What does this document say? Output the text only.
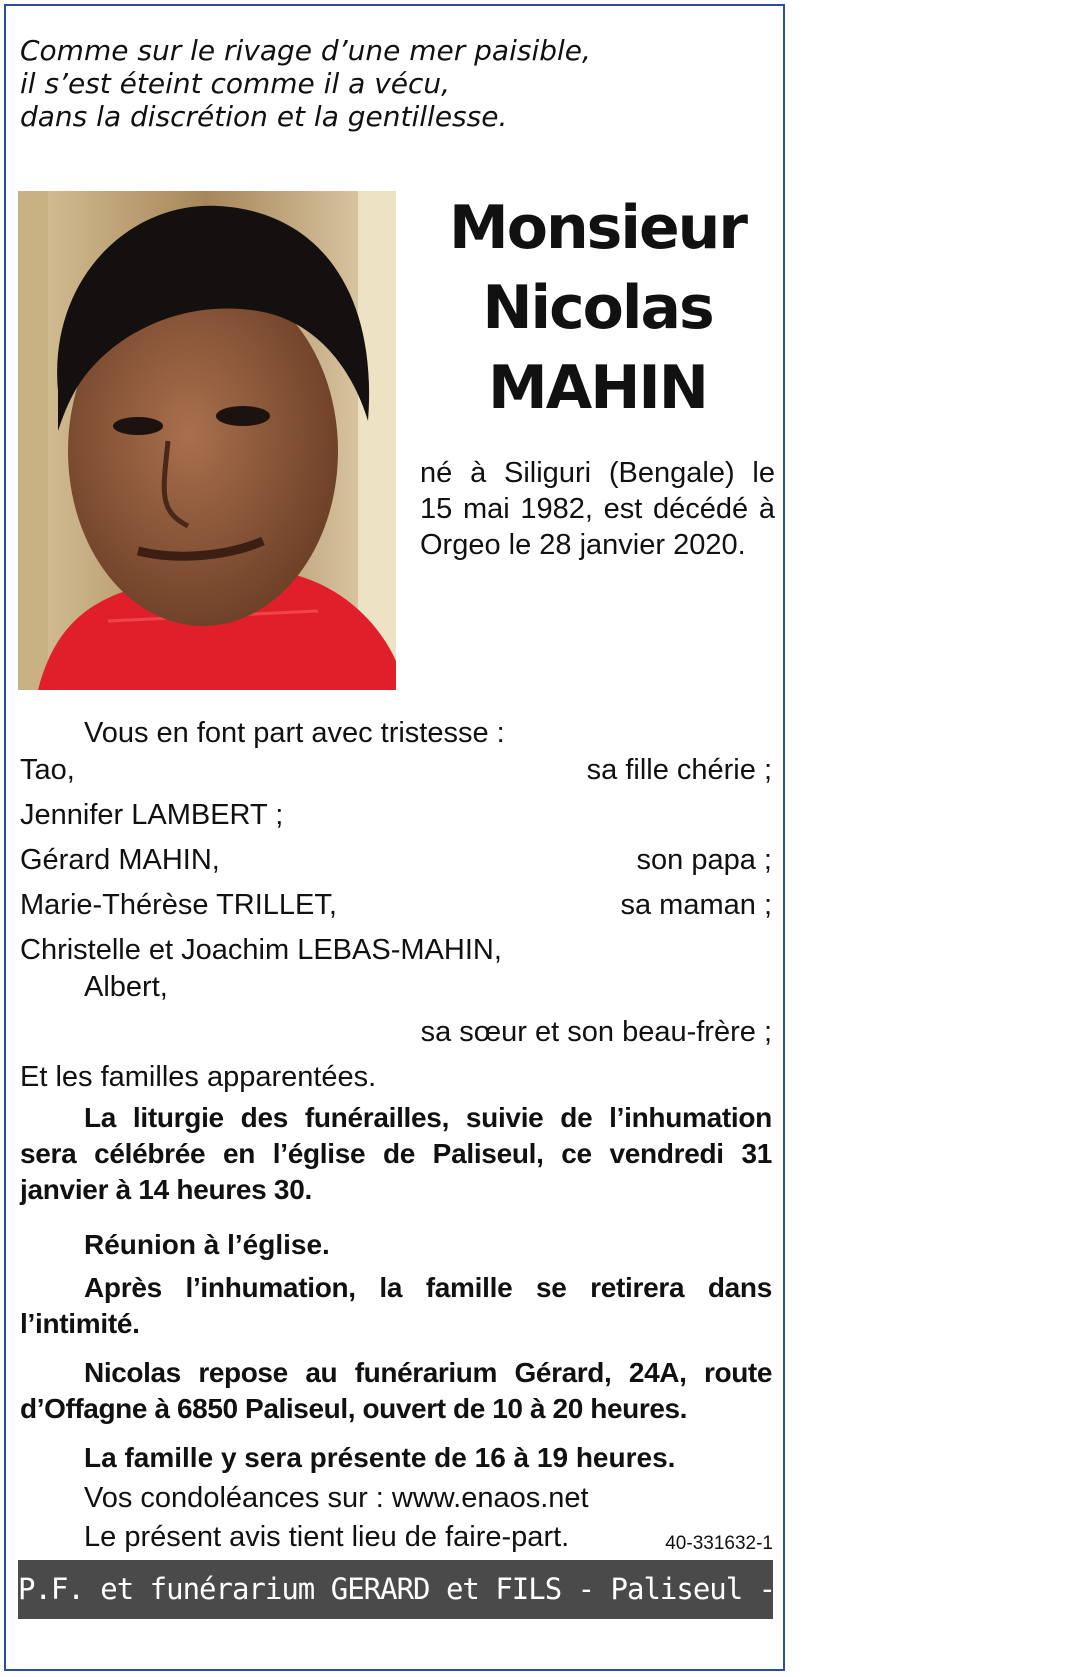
Comme sur le rivage d’une mer paisible,
il s’est éteint comme il a vécu,
dans la discrétion et la gentillesse.
Monsieur
Nicolas
MAHIN
né à Siliguri (Bengale) le 15 mai 1982, est décédé à Orgeo le 28 janvier 2020.
Vous en font part avec tristesse :
Tao,	sa fille chérie ;
Jennifer LAMBERT ;
Gérard MAHIN,	son papa ;
Marie-Thérèse TRILLET,	sa maman ;
Christelle et Joachim LEBAS-MAHIN,
Albert,
sa sœur et son beau-frère ;
Et les familles apparentées.
La liturgie des funérailles, suivie de l’inhumation sera célébrée en l’église de Paliseul, ce vendredi 31 janvier à 14 heures 30.
Réunion à l’église.
Après l’inhumation, la famille se retirera dans l’intimité.
Nicolas repose au funérarium Gérard, 24A, route d’Offagne à 6850 Paliseul, ouvert de 10 à 20 heures.
La famille y sera présente de 16 à 19 heures.
Vos condoléances sur : www.enaos.net
Le présent avis tient lieu de faire-part.	40-331632-1
P.F. et funérarium GERARD et FILS - Paliseul - Tél. 061 53 32 84
